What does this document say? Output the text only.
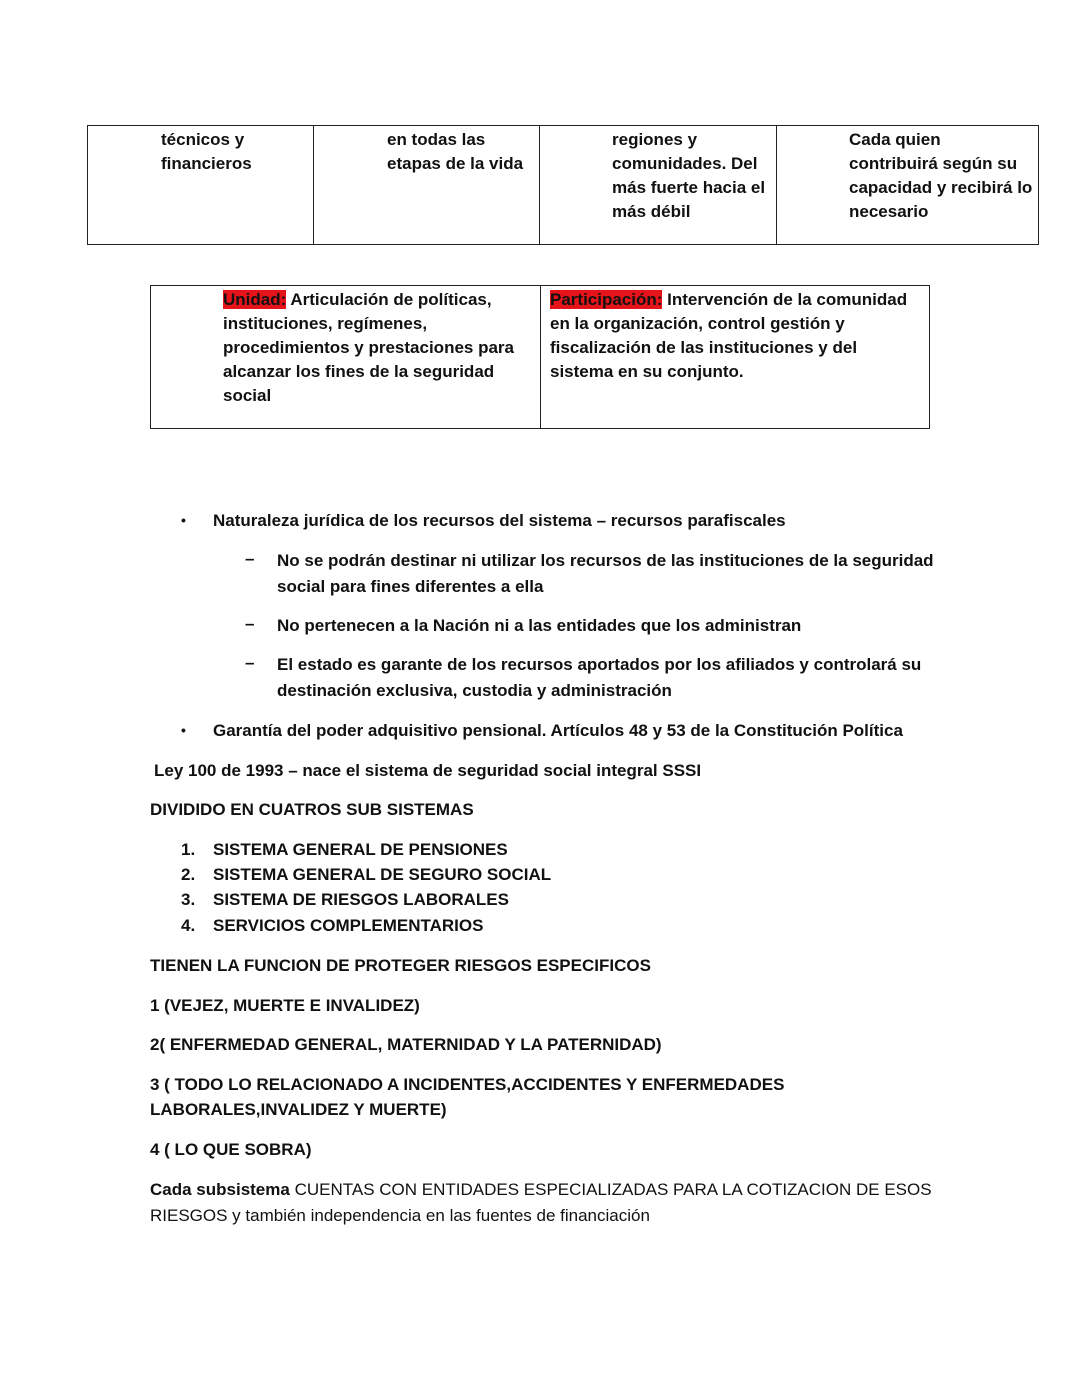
técnicos y
financieros
en todas las
etapas de la vida
regiones y
comunidades. Del
más fuerte hacia el
más débil
Cada quien
contribuirá según su
capacidad y recibirá lo
necesario
Unidad: Articulación de políticas, instituciones, regímenes, procedimientos y prestaciones para alcanzar los fines de la seguridad social
Participación: Intervención de la comunidad en la organización, control gestión y fiscalización de las instituciones y del sistema en su conjunto.
• Naturaleza jurídica de los recursos del sistema – recursos parafiscales
– No se podrán destinar ni utilizar los recursos de las instituciones de la seguridad
social para fines diferentes a ella
– No pertenecen a la Nación ni a las entidades que los administran
– El estado es garante de los recursos aportados por los afiliados y controlará su
destinación exclusiva, custodia y administración
• Garantía del poder adquisitivo pensional. Artículos 48 y 53 de la Constitución Política
Ley 100 de 1993 – nace el sistema de seguridad social integral SSSI
DIVIDIDO EN CUATROS SUB SISTEMAS
1. SISTEMA GENERAL DE PENSIONES
2. SISTEMA GENERAL DE SEGURO SOCIAL
3. SISTEMA DE RIESGOS LABORALES
4. SERVICIOS COMPLEMENTARIOS
TIENEN LA FUNCION DE PROTEGER RIESGOS ESPECIFICOS
1 (VEJEZ, MUERTE E INVALIDEZ)
2( ENFERMEDAD GENERAL, MATERNIDAD Y LA PATERNIDAD)
3 ( TODO LO RELACIONADO A INCIDENTES,ACCIDENTES Y ENFERMEDADES
LABORALES,INVALIDEZ Y MUERTE)
4 ( LO QUE SOBRA)
Cada subsistema CUENTAS CON ENTIDADES ESPECIALIZADAS PARA LA COTIZACION DE ESOS
RIESGOS y también independencia en las fuentes de financiación
